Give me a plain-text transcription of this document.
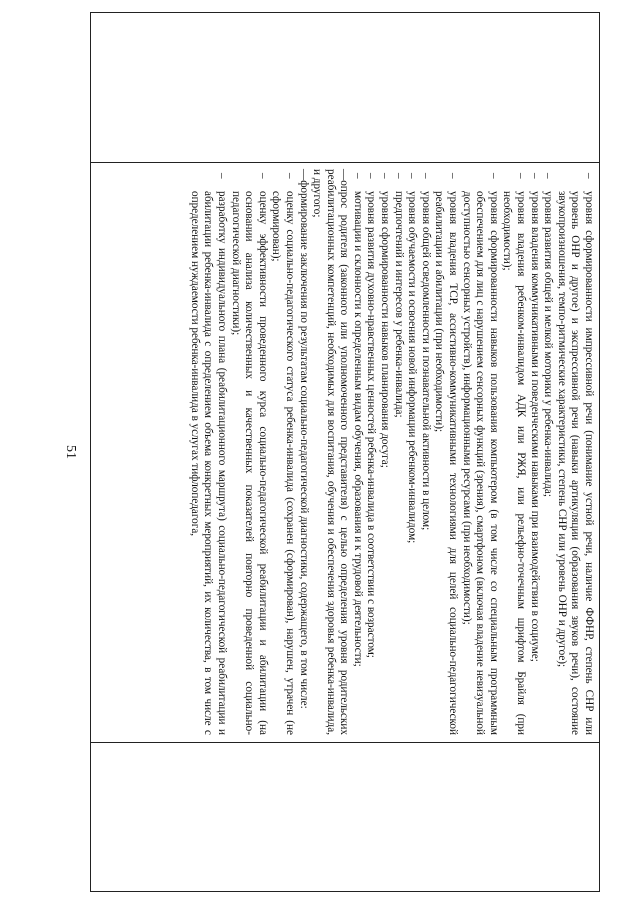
51
–
уровня сформированности импрессивной речи (понимание устной речи, наличие ФФНР, степень СНР или уровень ОНР и другое) и экспрессивной речи (навыки артикуляции (образования звуков речи), состояние звукопроизношения, темпо-ритмические характеристики, степень СНР или уровень ОНР и другое);
–
уровня развития общей и мелкой моторики у ребенка-инвалида;
–
уровня владения коммуникативными и поведенческими навыками при взаимодействии в социуме;
–
уровня владения ребенком-инвалидом АДК или РЖЯ, или рельефно-точечным шрифтом Брайля (при необходимости);
–
уровня сформированности навыков пользования компьютером (в том числе со специальным программным обеспечением для лиц с нарушением сенсорных функций (зрения), смартфоном (включая владение невизуальной доступностью сенсорных устройств), информационными ресурсами (при необходимости);
–
уровня владения ТСР, ассистивно-коммуникативными технологиями для целей социально-педагогической реабилитации и абилитации (при необходимости);
–
уровня общей осведомленности и познавательной активности в целом;
–
уровня обучаемости и освоения новой информации ребенком-инвалидом;
–
предпочтений и интересов у ребенка-инвалида;
–
уровня сформированности навыков планирования досуга;
–
уровня развития духовно-нравственных ценностей ребенка-инвалида в соответствии с возрастом;
–
мотивации и склонности к определенным видам обучения, образования и к трудовой деятельности;
—опрос родителя (законного или уполномоченного представителя) с целью определения уровня родительских реабилитационных компетенций, необходимых для воспитания, обучения и обеспечения здоровья ребенка-инвалида, и другого;
—формирование заключения по результатам социально-педагогической диагностики, содержащего, в том числе:
–
оценку социально-педагогического статуса ребенка-инвалида (сохранен (сформирован), нарушен, утрачен (не сформирован);
–
оценку эффективности проведенного курса социально-педагогической реабилитации и абилитации (на основании анализа количественных и качественных показателей повторно проведенной социально-педагогической диагностики);
–
разработку индивидуального плана (реабилитационного маршрута) социально-педагогической реабилитации и абилитации ребенка-инвалида с определением объема конкретных мероприятий, их количества, в том числе с определением нуждаемости ребенка-инвалида в услугах тифлопедагога,
